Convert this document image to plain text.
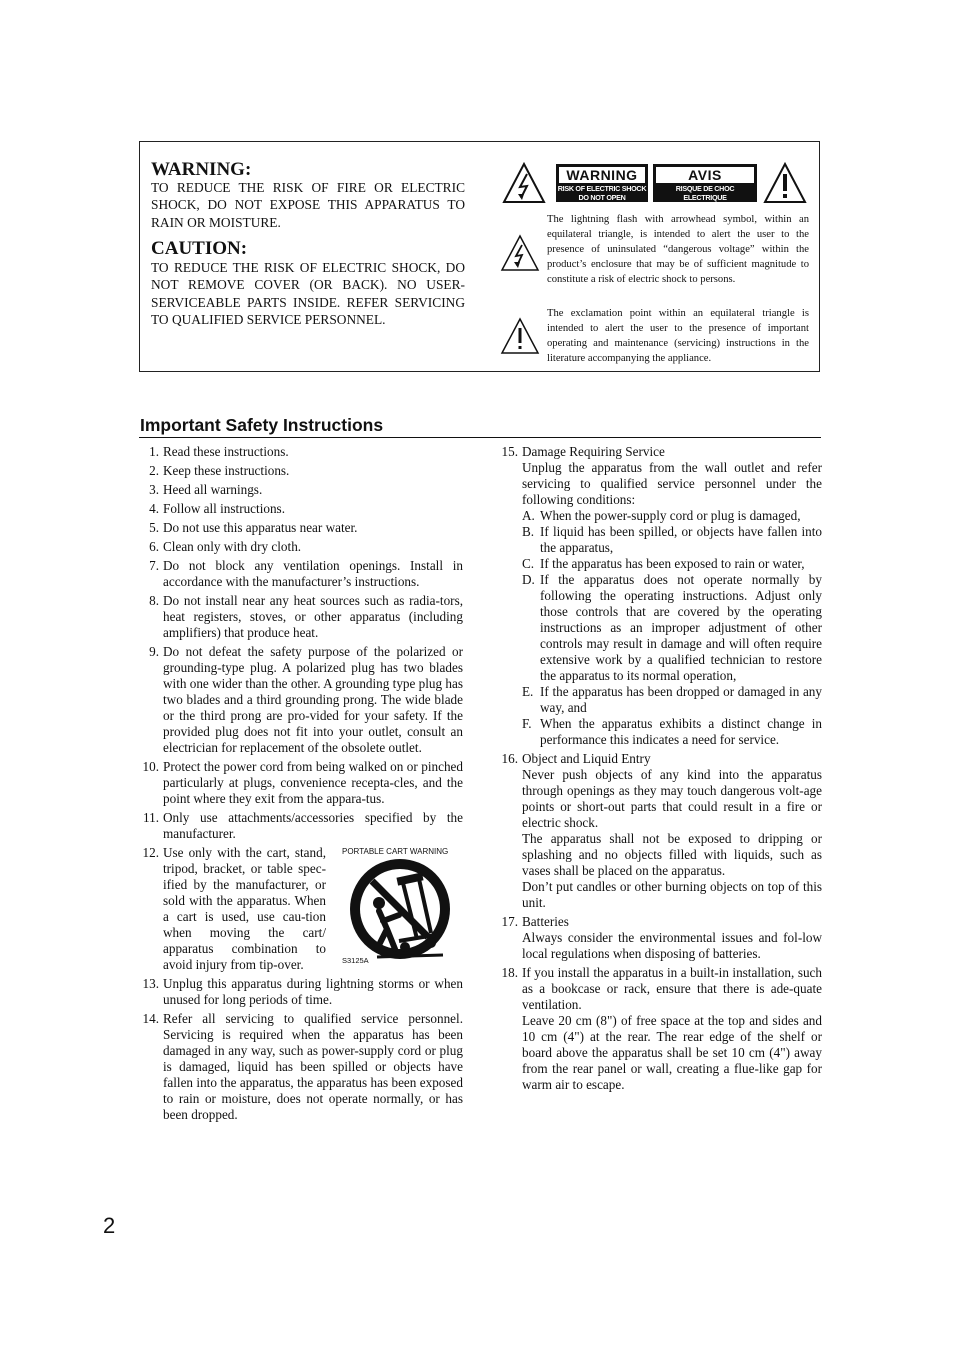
WARNING:
TO REDUCE THE RISK OF FIRE OR ELECTRIC SHOCK, DO NOT EXPOSE THIS APPARATUS TO RAIN OR MOISTURE.
CAUTION:
TO REDUCE THE RISK OF ELECTRIC SHOCK, DO NOT REMOVE COVER (OR BACK). NO USER-SERVICEABLE PARTS INSIDE. REFER SERVICING TO QUALIFIED SERVICE PERSONNEL.
WARNING
RISK OF ELECTRIC SHOCK
DO NOT OPEN
AVIS
RISQUE DE CHOC ELECTRIQUE
NE PAS OUVRIR
The lightning flash with arrowhead symbol, within an equilateral triangle, is intended to alert the user to the presence of uninsulated “dangerous voltage” within the product’s enclosure that may be of sufficient magnitude to constitute a risk of electric shock to persons.
The exclamation point within an equilateral triangle is intended to alert the user to the presence of important operating and maintenance (servicing) instructions in the literature accompanying the appliance.
Important Safety Instructions
1. Read these instructions.
2. Keep these instructions.
3. Heed all warnings.
4. Follow all instructions.
5. Do not use this apparatus near water.
6. Clean only with dry cloth.
7. Do not block any ventilation openings. Install in accordance with the manufacturer’s instructions.
8. Do not install near any heat sources such as radia-tors, heat registers, stoves, or other apparatus (including amplifiers) that produce heat.
9. Do not defeat the safety purpose of the polarized or grounding-type plug. A polarized plug has two blades with one wider than the other. A grounding type plug has two blades and a third grounding prong. The wide blade or the third prong are pro-vided for your safety. If the provided plug does not fit into your outlet, consult an electrician for replacement of the obsolete outlet.
10. Protect the power cord from being walked on or pinched particularly at plugs, convenience recepta-cles, and the point where they exit from the appara-tus.
11. Only use attachments/accessories specified by the manufacturer.
12. Use only with the cart, stand, tripod, bracket, or table spec-ified by the manufacturer, or sold with the apparatus. When a cart is used, use cau-tion when moving the cart/ apparatus combination to avoid injury from tip-over.
PORTABLE CART WARNING
S3125A
13. Unplug this apparatus during lightning storms or when unused for long periods of time.
14. Refer all servicing to qualified service personnel. Servicing is required when the apparatus has been damaged in any way, such as power-supply cord or plug is damaged, liquid has been spilled or objects have fallen into the apparatus, the apparatus has been exposed to rain or moisture, does not operate normally, or has been dropped.
15. Damage Requiring Service
Unplug the apparatus from the wall outlet and refer servicing to qualified service personnel under the following conditions:
A. When the power-supply cord or plug is damaged,
B. If liquid has been spilled, or objects have fallen into the apparatus,
C. If the apparatus has been exposed to rain or water,
D. If the apparatus does not operate normally by following the operating instructions. Adjust only those controls that are covered by the operating instructions as an improper adjustment of other controls may result in damage and will often require extensive work by a qualified technician to restore the apparatus to its normal operation,
E. If the apparatus has been dropped or damaged in any way, and
F. When the apparatus exhibits a distinct change in performance this indicates a need for service.
16. Object and Liquid Entry
Never push objects of any kind into the apparatus through openings as they may touch dangerous volt-age points or short-out parts that could result in a fire or electric shock.
The apparatus shall not be exposed to dripping or splashing and no objects filled with liquids, such as vases shall be placed on the apparatus.
Don’t put candles or other burning objects on top of this unit.
17. Batteries
Always consider the environmental issues and fol-low local regulations when disposing of batteries.
18. If you install the apparatus in a built-in installation, such as a bookcase or rack, ensure that there is ade-quate ventilation.
Leave 20 cm (8") of free space at the top and sides and 10 cm (4") at the rear. The rear edge of the shelf or board above the apparatus shall be set 10 cm (4") away from the rear panel or wall, creating a flue-like gap for warm air to escape.
2
